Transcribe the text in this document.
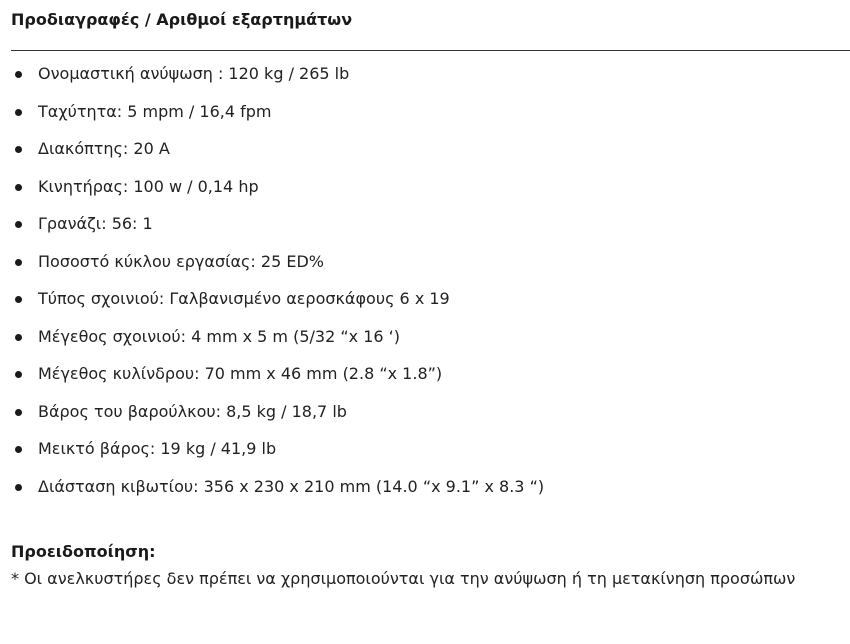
Προδιαγραφές / Αριθμοί εξαρτημάτων
Ονομαστική ανύψωση : 120 kg / 265 lb
Ταχύτητα: 5 mpm / 16,4 fpm
Διακόπτης: 20 A
Κινητήρας: 100 w / 0,14 hp
Γρανάζι: 56: 1
Ποσοστό κύκλου εργασίας: 25 ED%
Τύπος σχοινιού: Γαλβανισμένο αεροσκάφους 6 x 19
Μέγεθος σχοινιού: 4 mm x 5 m (5/32 “x 16 ‘)
Μέγεθος κυλίνδρου: 70 mm x 46 mm (2.8 “x 1.8”)
Βάρος του βαρούλκου: 8,5 kg / 18,7 lb
Μεικτό βάρος: 19 kg / 41,9 lb
Διάσταση κιβωτίου: 356 x 230 x 210 mm (14.0 “x 9.1” x 8.3 “)
Προειδοποίηση:

* Οι ανελκυστήρες δεν πρέπει να χρησιμοποιούνται για την ανύψωση ή τη μετακίνηση προσώπων
